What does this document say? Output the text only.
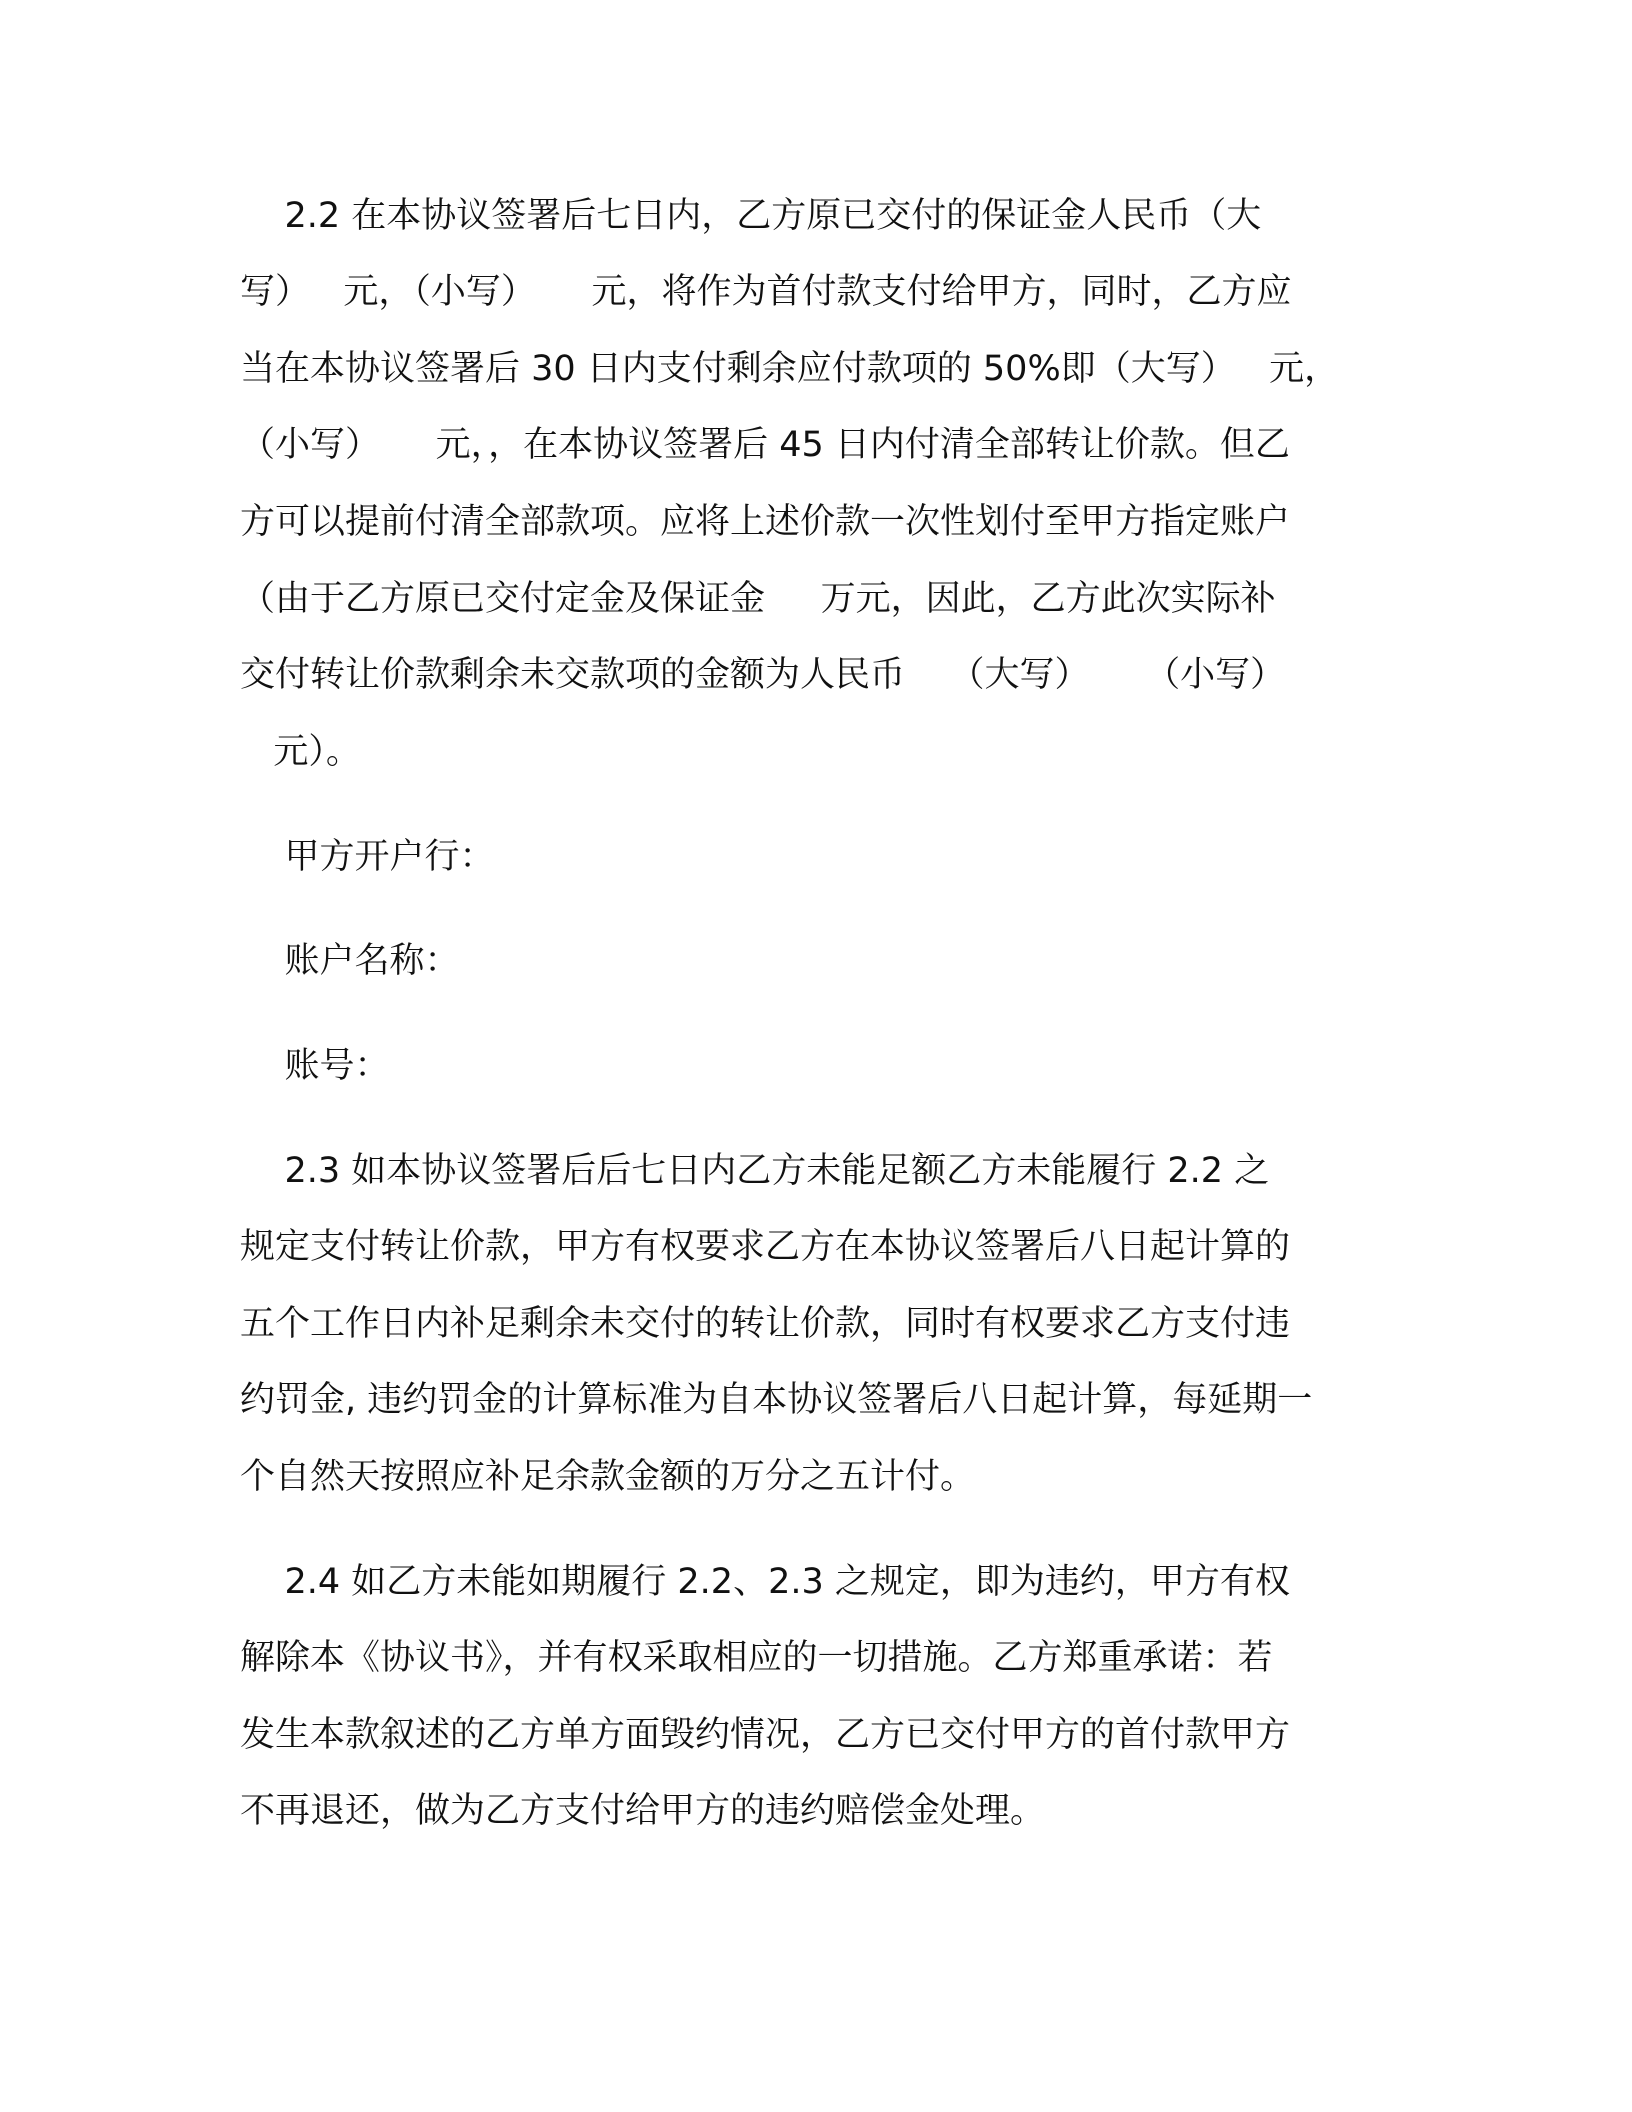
2.2 在本协议签署后七日内，乙方原已交付的保证金人民币（大
写）   元，（小写）     元，将作为首付款支付给甲方，同时，乙方应
当在本协议签署后 30 日内支付剩余应付款项的 50%即（大写）   元，
（小写）     元，，在本协议签署后 45 日内付清全部转让价款。但乙
方可以提前付清全部款项。应将上述价款一次性划付至甲方指定账户
（由于乙方原已交付定金及保证金     万元，因此，乙方此次实际补
交付转让价款剩余未交款项的金额为人民币    （大写）     （小写）
元）。
甲方开户行：
账户名称：
账号：
2.3 如本协议签署后后七日内乙方未能足额乙方未能履行 2.2 之
规定支付转让价款，甲方有权要求乙方在本协议签署后八日起计算的
五个工作日内补足剩余未交付的转让价款，同时有权要求乙方支付违
约罚金, 违约罚金的计算标准为自本协议签署后八日起计算，每延期一
个自然天按照应补足余款金额的万分之五计付。
2.4 如乙方未能如期履行 2.2、2.3 之规定，即为违约，甲方有权
解除本《协议书》，并有权采取相应的一切措施。乙方郑重承诺：若
发生本款叙述的乙方单方面毁约情况，乙方已交付甲方的首付款甲方
不再退还，做为乙方支付给甲方的违约赔偿金处理。
